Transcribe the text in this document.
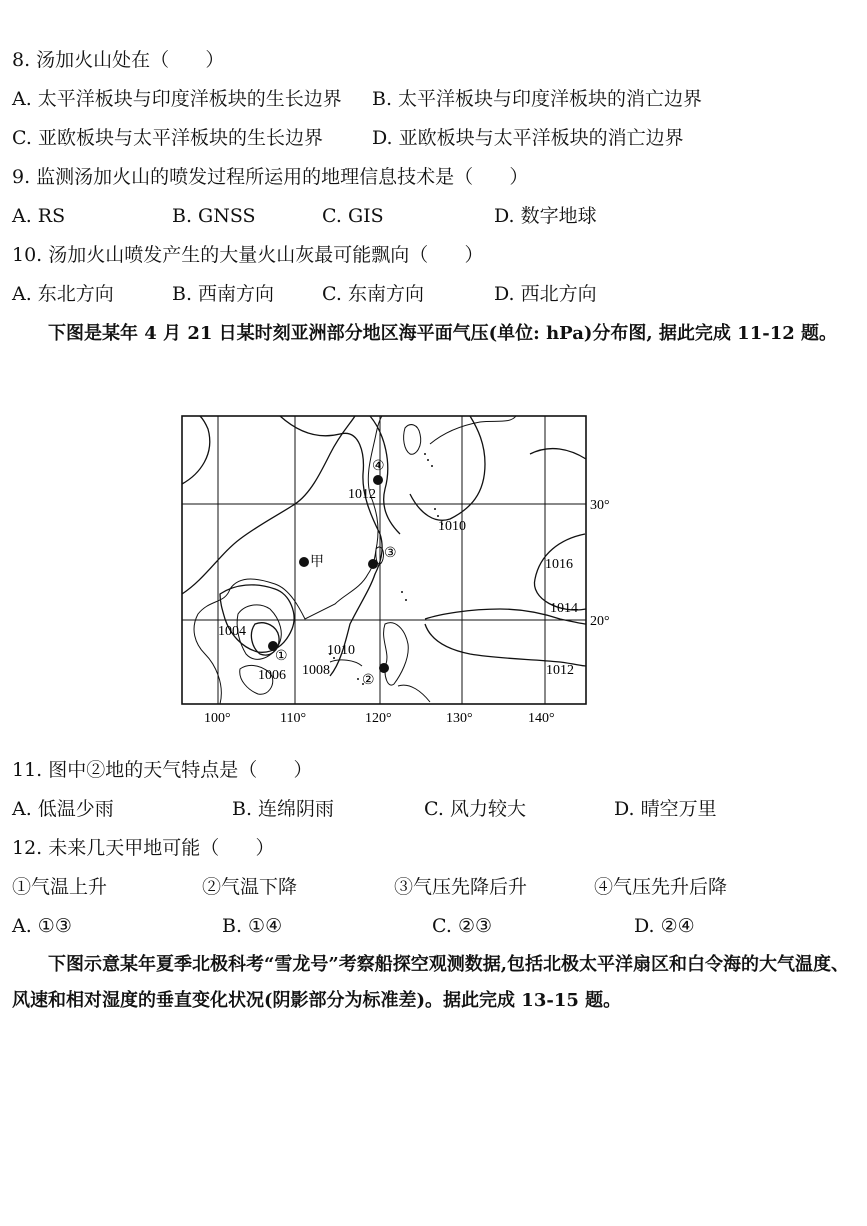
8. 汤加火山处在（      ）
A. 太平洋板块与印度洋板块的生长边界 B. 太平洋板块与印度洋板块的消亡边界
C. 亚欧板块与太平洋板块的生长边界	D. 亚欧板块与太平洋板块的消亡边界
9. 监测汤加火山的喷发过程所运用的地理信息技术是（      ）
A. RS	B. GNSS	C. GIS	D. 数字地球
10. 汤加火山喷发产生的大量火山灰最可能飘向（      ）
A. 东北方向	B. 西南方向	C. 东南方向	D. 西北方向
下图是某年 4 月 21 日某时刻亚洲部分地区海平面气压(单位: hPa)分布图, 据此完成 11-12 题。
④
③
①
②
甲
1012
1010
1016
1014
1012
1004
1006 1008
1010
30°
20°
100°	110°	120°	130°	140°
11. 图中②地的天气特点是（      ）
A. 低温少雨	B. 连绵阴雨	C. 风力较大	D. 晴空万里
12. 未来几天甲地可能（      ）
①气温上升	②气温下降	③气压先降后升	④气压先升后降
A. ①③	B. ①④	C. ②③	D. ②④
下图示意某年夏季北极科考“雪龙号”考察船探空观测数据,包括北极太平洋扇区和白令海的大气温度、风速和相对湿度的垂直变化状况(阴影部分为标准差)。据此完成 13-15 题。
